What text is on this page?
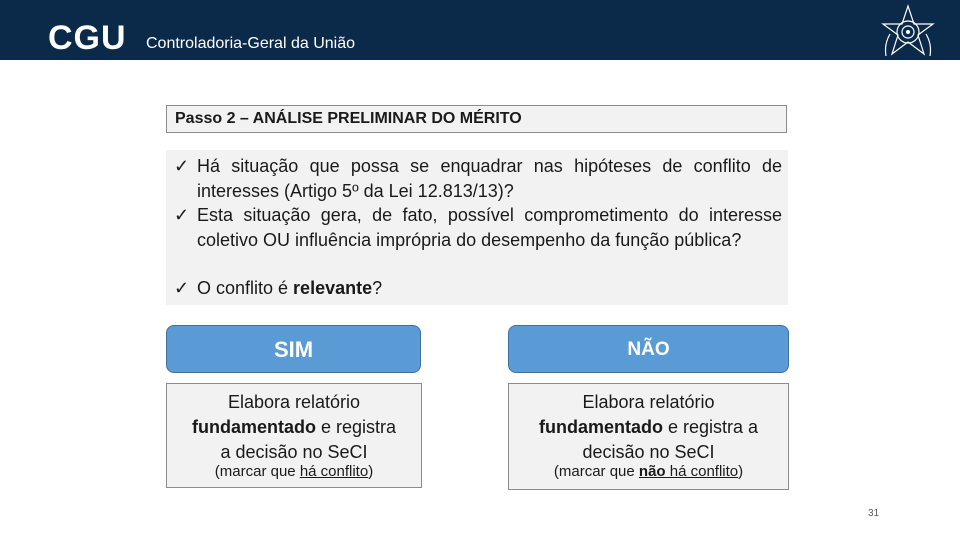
CGU Controladoria-Geral da União
Passo 2 – ANÁLISE PRELIMINAR DO MÉRITO
✓ Há situação que possa se enquadrar nas hipóteses de conflito de interesses (Artigo 5º da Lei 12.813/13)?
✓ Esta situação gera, de fato, possível comprometimento do interesse coletivo OU influência imprópria do desempenho da função pública?
✓ O conflito é relevante?
SIM
Elabora relatório
fundamentado e registra
a decisão no SeCI
(marcar que há conflito)
NÃO
Elabora relatório
fundamentado e registra a
decisão no SeCI
(marcar que não há conflito)
31
